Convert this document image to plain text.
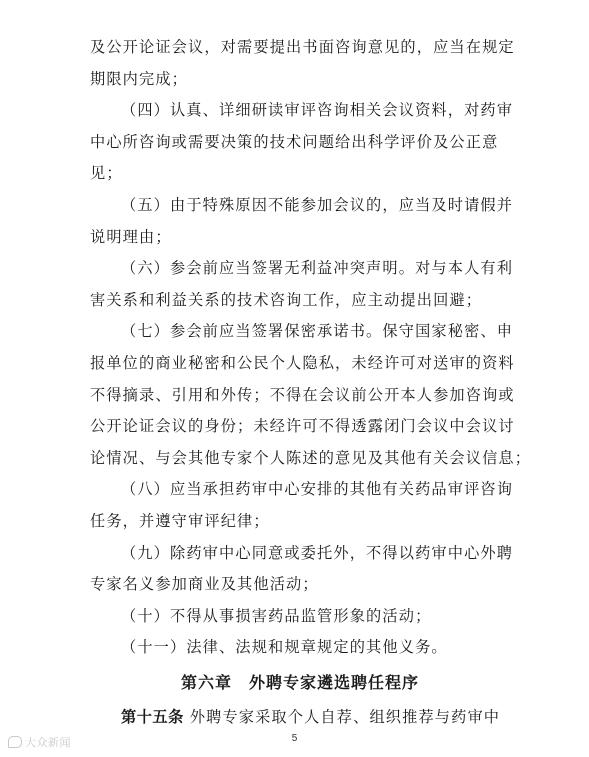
及公开论证会议，对需要提出书面咨询意见的，应当在规定
期限内完成；
（四）认真、详细研读审评咨询相关会议资料，对药审
中心所咨询或需要决策的技术问题给出科学评价及公正意
见；
（五）由于特殊原因不能参加会议的，应当及时请假并
说明理由；
（六）参会前应当签署无利益冲突声明。对与本人有利
害关系和利益关系的技术咨询工作，应主动提出回避；
（七）参会前应当签署保密承诺书。保守国家秘密、申
报单位的商业秘密和公民个人隐私，未经许可对送审的资料
不得摘录、引用和外传；不得在会议前公开本人参加咨询或
公开论证会议的身份；未经许可不得透露闭门会议中会议讨
论情况、与会其他专家个人陈述的意见及其他有关会议信息；
（八）应当承担药审中心安排的其他有关药品审评咨询
任务，并遵守审评纪律；
（九）除药审中心同意或委托外，不得以药审中心外聘
专家名义参加商业及其他活动；
（十）不得从事损害药品监管形象的活动；
（十一）法律、法规和规章规定的其他义务。
第六章　外聘专家遴选聘任程序
第十五条 外聘专家采取个人自荐、组织推荐与药审中
大众新闻	5
